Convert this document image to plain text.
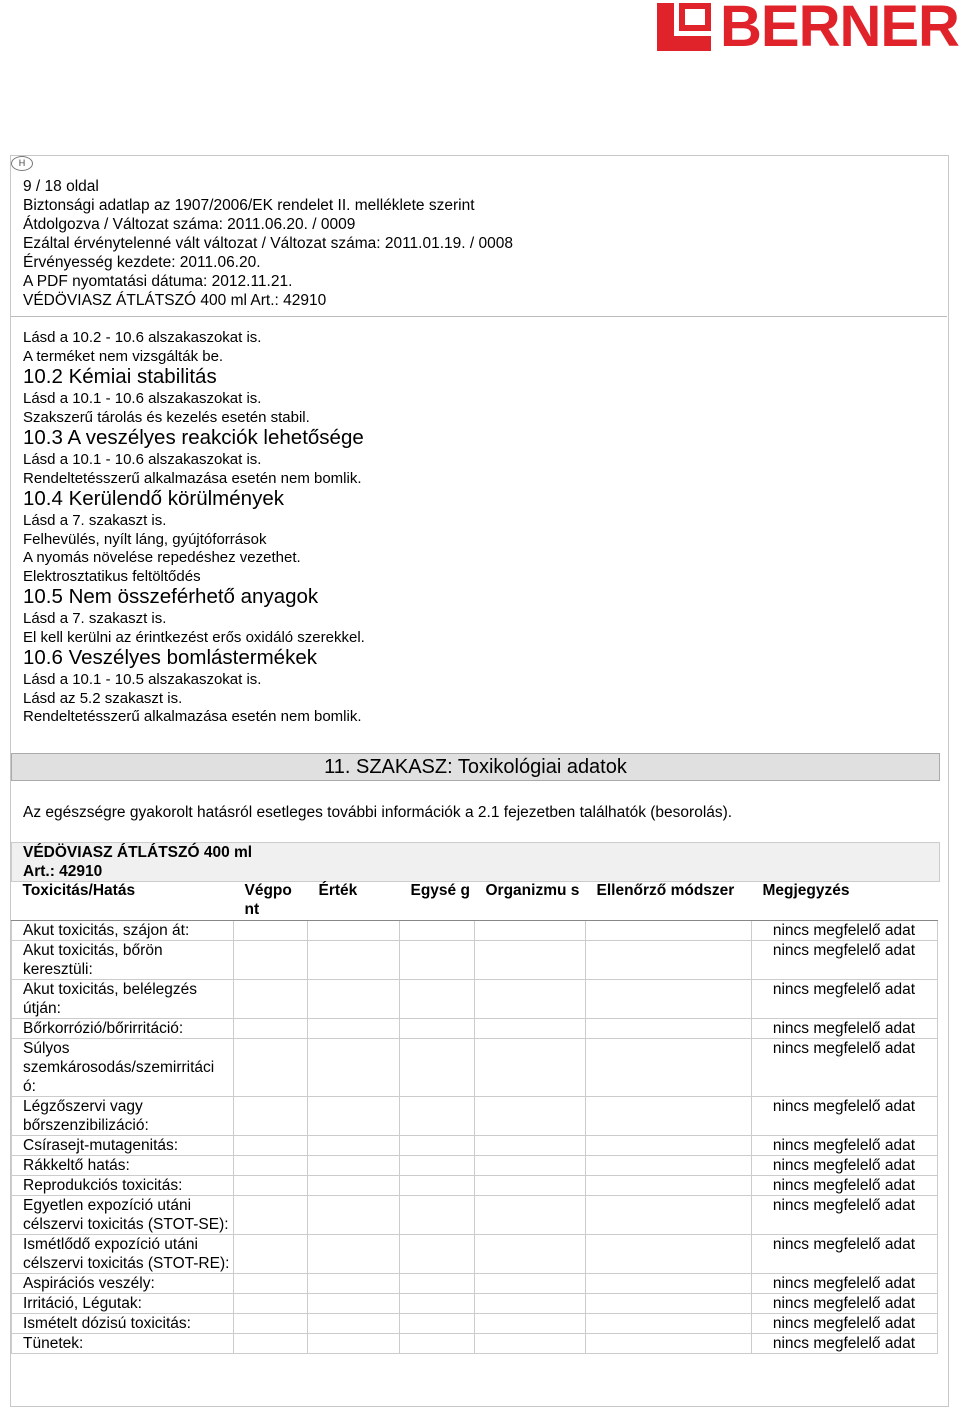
BERNER
H
9 / 18 oldal
Biztonsági adatlap az 1907/2006/EK rendelet II. melléklete szerint
Átdolgozva / Változat száma: 2011.06.20. / 0009
Ezáltal érvénytelenné vált változat / Változat száma: 2011.01.19. / 0008
Érvényesség kezdete: 2011.06.20.
A PDF nyomtatási dátuma: 2012.11.21.
VÉDÖVIASZ ÁTLÁTSZÓ 400 ml Art.: 42910
Lásd a 10.2 - 10.6 alszakaszokat is.
A terméket nem vizsgálták be.
10.2 Kémiai stabilitás
Lásd a 10.1 - 10.6 alszakaszokat is.
Szakszerű tárolás és kezelés esetén stabil.
10.3 A veszélyes reakciók lehetősége
Lásd a 10.1 - 10.6 alszakaszokat is.
Rendeltetésszerű alkalmazása esetén nem bomlik.
10.4 Kerülendő körülmények
Lásd a 7. szakaszt is.
Felhevülés, nyílt láng, gyújtóforrások
A nyomás növelése repedéshez vezethet.
Elektrosztatikus feltöltődés
10.5 Nem összeférhető anyagok
Lásd a 7. szakaszt is.
El kell kerülni az érintkezést erős oxidáló szerekkel.
10.6 Veszélyes bomlástermékek
Lásd a 10.1 - 10.5 alszakaszokat is.
Lásd az 5.2 szakaszt is.
Rendeltetésszerű alkalmazása esetén nem bomlik.
11. SZAKASZ: Toxikológiai adatok
Az egészségre gyakorolt hatásról esetleges további információk a 2.1 fejezetben találhatók (besorolás).
VÉDÖVIASZ ÁTLÁTSZÓ 400 ml
Art.: 42910
Toxicitás/Hatás	Végpo nt	Érték	Egysé g	Organizmu s	Ellenőrző módszer	Megjegyzés
Akut toxicitás, szájon át:						nincs megfelelő adat
Akut toxicitás, bőrön keresztüli:						nincs megfelelő adat
Akut toxicitás, belélegzés útján:						nincs megfelelő adat
Bőrkorrózió/bőrirritáció:						nincs megfelelő adat
Súlyos szemkárosodás/szemirritáci ó:						nincs megfelelő adat
Légzőszervi vagy bőrszenzibilizáció:						nincs megfelelő adat
Csírasejt-mutagenitás:						nincs megfelelő adat
Rákkeltő hatás:						nincs megfelelő adat
Reprodukciós toxicitás:						nincs megfelelő adat
Egyetlen expozíció utáni célszervi toxicitás (STOT-SE):						nincs megfelelő adat
Ismétlődő expozíció utáni célszervi toxicitás (STOT-RE):						nincs megfelelő adat
Aspirációs veszély:						nincs megfelelő adat
Irritáció, Légutak:						nincs megfelelő adat
Ismételt dózisú toxicitás:						nincs megfelelő adat
Tünetek:						nincs megfelelő adat
